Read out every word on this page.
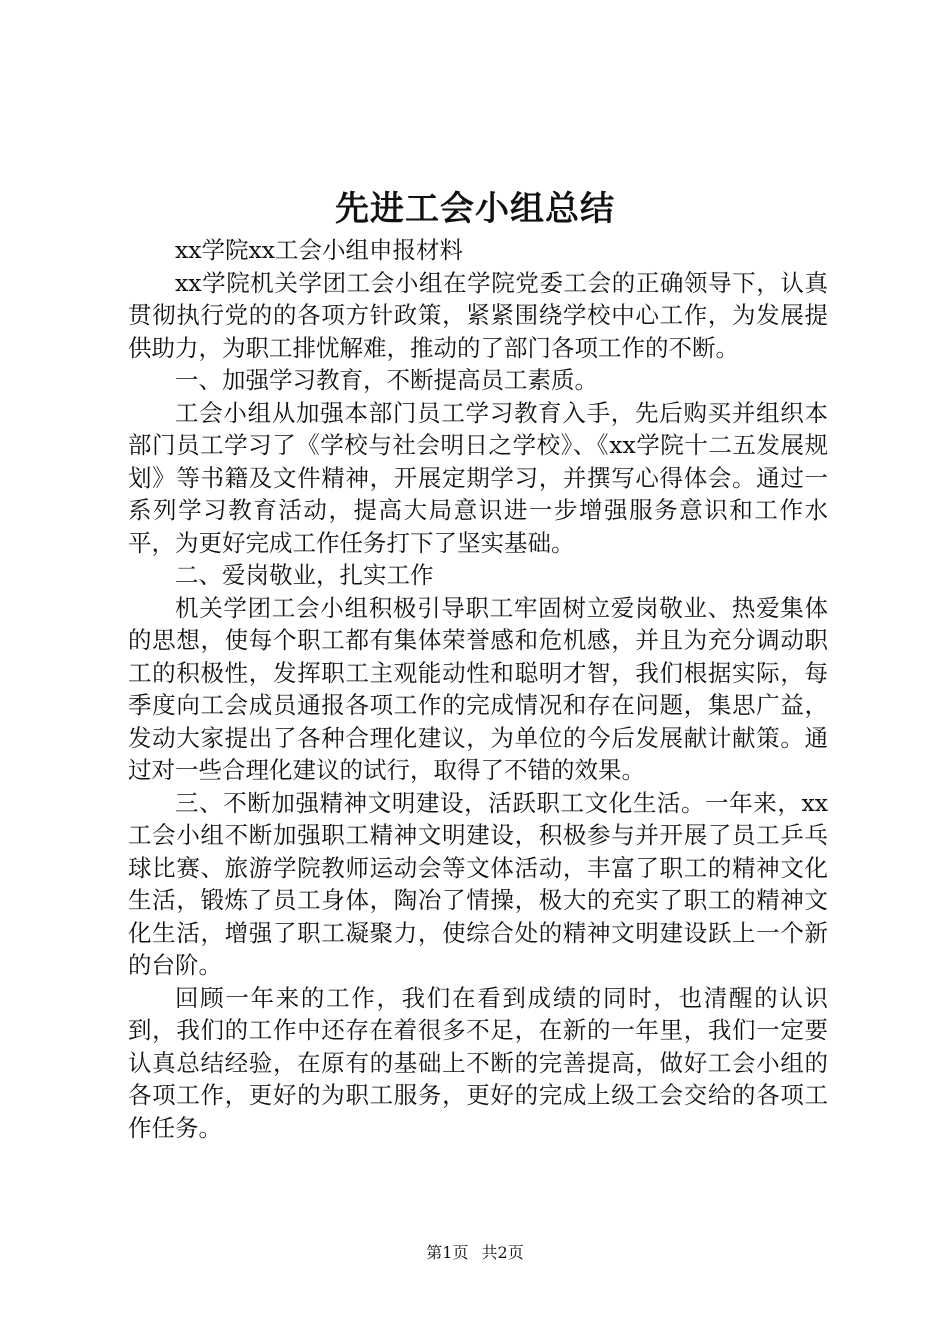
先进工会小组总结

xx学院xx工会小组申报材料

xx学院机关学团工会小组在学院党委工会的正确领导下，认真贯彻执行党的的各项方针政策，紧紧围绕学校中心工作，为发展提供助力，为职工排忧解难，推动的了部门各项工作的不断。

一、加强学习教育，不断提高员工素质。

工会小组从加强本部门员工学习教育入手，先后购买并组织本部门员工学习了《学校与社会明日之学校》、《xx学院十二五发展规划》等书籍及文件精神，开展定期学习，并撰写心得体会。通过一系列学习教育活动，提高大局意识进一步增强服务意识和工作水平，为更好完成工作任务打下了坚实基础。

二、爱岗敬业，扎实工作

机关学团工会小组积极引导职工牢固树立爱岗敬业、热爱集体的思想，使每个职工都有集体荣誉感和危机感，并且为充分调动职工的积极性，发挥职工主观能动性和聪明才智，我们根据实际，每季度向工会成员通报各项工作的完成情况和存在问题，集思广益，发动大家提出了各种合理化建议，为单位的今后发展献计献策。通过对一些合理化建议的试行，取得了不错的效果。

三、不断加强精神文明建设，活跃职工文化生活。一年来，xx工会小组不断加强职工精神文明建设，积极参与并开展了员工乒乓球比赛、旅游学院教师运动会等文体活动，丰富了职工的精神文化生活，锻炼了员工身体，陶冶了情操，极大的充实了职工的精神文化生活，增强了职工凝聚力，使综合处的精神文明建设跃上一个新的台阶。

回顾一年来的工作，我们在看到成绩的同时，也清醒的认识到，我们的工作中还存在着很多不足，在新的一年里，我们一定要认真总结经验，在原有的基础上不断的完善提高，做好工会小组的各项工作，更好的为职工服务，更好的完成上级工会交给的各项工作任务。

第1页 共2页
